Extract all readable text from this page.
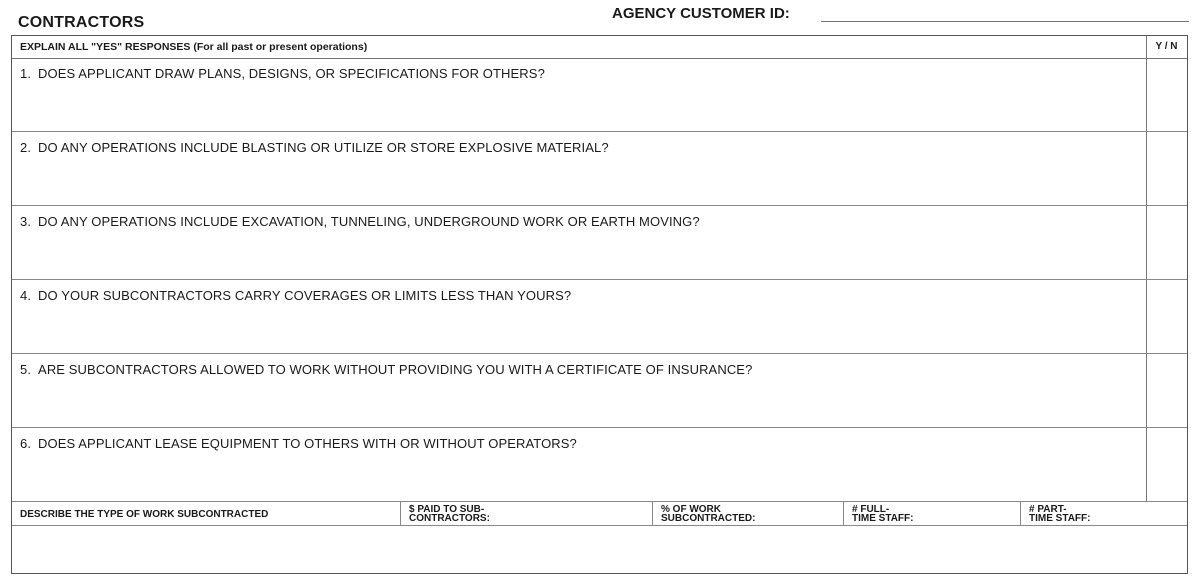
CONTRACTORS
AGENCY CUSTOMER ID:
EXPLAIN ALL "YES" RESPONSES (For all past or present operations)	Y / N
1. DOES APPLICANT DRAW PLANS, DESIGNS, OR SPECIFICATIONS FOR OTHERS?
2. DO ANY OPERATIONS INCLUDE BLASTING OR UTILIZE OR STORE EXPLOSIVE MATERIAL?
3. DO ANY OPERATIONS INCLUDE EXCAVATION, TUNNELING, UNDERGROUND WORK OR EARTH MOVING?
4. DO YOUR SUBCONTRACTORS CARRY COVERAGES OR LIMITS LESS THAN YOURS?
5. ARE SUBCONTRACTORS ALLOWED TO WORK WITHOUT PROVIDING YOU WITH A CERTIFICATE OF INSURANCE?
6. DOES APPLICANT LEASE EQUIPMENT TO OTHERS WITH OR WITHOUT OPERATORS?
DESCRIBE THE TYPE OF WORK SUBCONTRACTED	$ PAID TO SUB-
CONTRACTORS:
% OF WORK
SUBCONTRACTED:
# FULL-
TIME STAFF:
# PART-
TIME STAFF:
